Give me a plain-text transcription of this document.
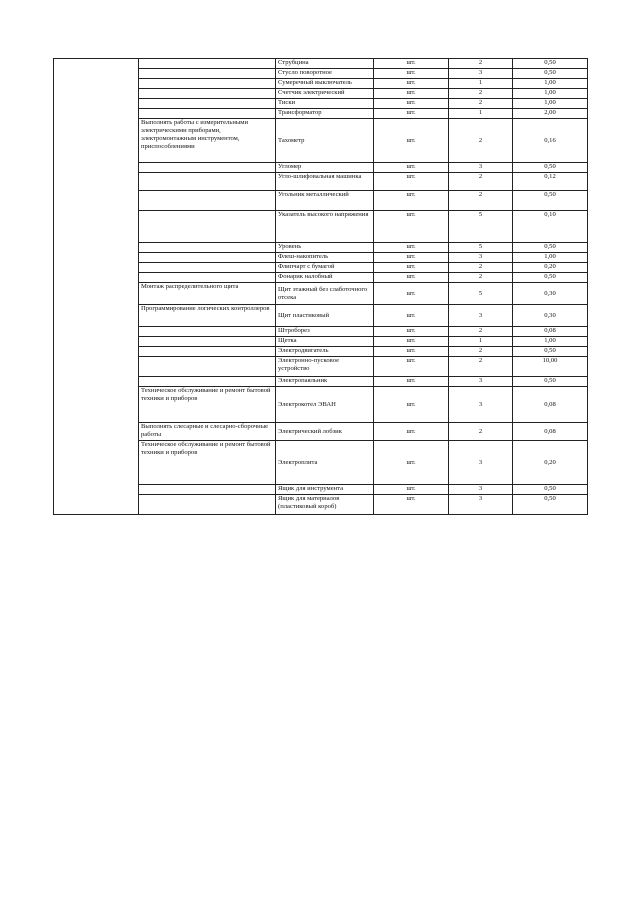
		Струбцина	шт.	2	0,50
		Стусло поворотное	шт.	3	0,50
		Сумеречный выключатель	шт.	1	1,00
		Счетчик электрический	шт.	2	1,00
		Тиски	шт.	2	1,00
		Трансформатор	шт.	1	2,00
	Выполнять работы с измерительными электрическими приборами, электромонтажным инструментом, приспособлениями	Тахометр	шт.	2	0,16
		Угломер	шт.	3	0,50
		Угло-шлифовальная машинка	шт.	2	0,12
		Угольник металлический	шт.	2	0,50
		Указатель высокого напряжения	шт.	5	0,10
		Уровень	шт.	5	0,50
		Флеш-накопитель	шт.	3	1,00
		Флипчарт с бумагой	шт.	2	0,20
		Фонарик налобный	шт.	2	0,50
	Монтаж распределительного щита	Щит этажный без слаботочного отсека	шт.	5	0,30
	Программирование логических контроллеров	Щит пластиковый	шт.	3	0,30
		Штроборез	шт.	2	0,08
		Щетка	шт.	1	1,00
		Электродвигатель	шт.	2	0,50
		Электронно-пусковое устройство	шт.	2	10,00
		Электропаяльник	шт.	3	0,50
	Техническое обслуживание и ремонт бытовой техники и приборов	Электрокотел ЭВАН	шт.	3	0,08
	Выполнять слесарные и слесарно-сборочные работы	Электрический лобзик	шт.	2	0,08
	Техническое обслуживание и ремонт бытовой техники и приборов	Электроплита	шт.	3	0,20
		Ящик для инструмента	шт.	3	0,50
		Ящик для материалов (пластиковый короб)	шт.	3	0,50
